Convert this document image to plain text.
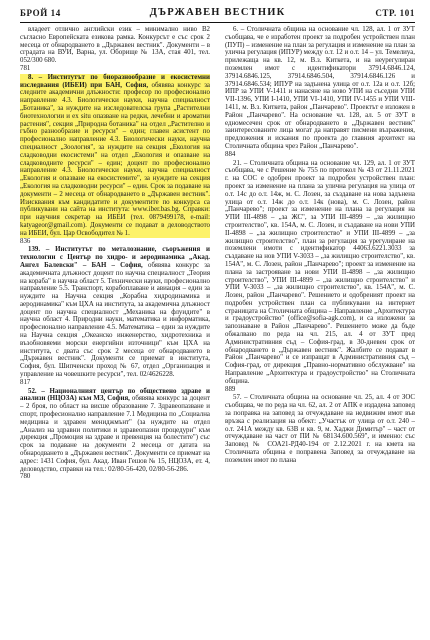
БРОЙ 14	ДЪРЖАВЕН ВЕСТНИК	СТР. 101

владеет отлично английски език – минимално ниво В2 съгласно Европейската езикова рамка. Конкурсът е със срок 2 месеца от обнародването в „Държавен вестник". Документи – в сградата на ВУИ, Варна, ул. Оборище № 13А, стая 401, тел. 052/300 680.

781

8. – Институтът по биоразнообразие и екосистемни изследвания (ИБЕИ) при БАН, София, обявява конкурс за следните академични длъжности: професор по професионално направление 4.3. Биологически науки, научна специалност „Ботаника", за нуждите на изследователска група „Растителни биотехнологии и ex situ опазване на редки, лечебни и ароматни растения", секция „Природна ботаника" на отдел „Растително и гъбно разнообразие и ресурси" – един; главен асистент по професионално направление 4.3. Биологически науки, научна специалност „Зоология", за нуждите на секция „Екология на сладководни екосистеми" на отдел „Екология и опазване на сладководните ресурси" – един; доцент по професионално направление 4.3. Биологически науки, научна специалност „Екология и опазване на екосистемите", за нуждите на секция „Екология на сладководни ресурси" – един. Срок за подаване на документи – 2 месеца от обнародването в „Държавен вестник". Изисквания към кандидатите и документите по конкурса са публикувани на сайта на института: www.iber.bas.bg. Справки: при научния секретар на ИБЕИ (тел. 0879499178, e-mail: katyageor@gmail.com). Документи се подават в деловодството на ИБЕИ, бул. Цар Освободител № 1.

836

139. – Институтът по металознание, съоръжения и технологии с Център по хидро- и аеродинамика „Акад. Ангел Балевски" – БАН – София, обявява конкурс за академичната длъжност доцент по научна специалност „Теория на кораба" в научна област 5. Технически науки, професионално направление 5.5. Транспорт, корабоплаване и авиация – един за нуждите на Научна секция „Корабна хидродинамика и аеродинамика" към ЦХА на института, за академична длъжност доцент по научна специалност „Механика на флуидите" в научна област 4. Природни науки, математика и информатика, професионално направление 4.5. Математика – един за нуждите на Научна секция „Океанско инженерство, хидротехника и възобновяеми морски енергийни източници" към ЦХА на института, с двата със срок 2 месеца от обнародването в „Държавен вестник". Документи се приемат в института, София, бул. Шипченски проход № 67, отдел „Организация и управление на човешките ресурси", тел. 02/4626228.

817

52. – Националният център по обществено здраве и анализи (НЦОЗА) към МЗ, София, обявява конкурс за доцент – 2 броя, по област на висше образование 7. Здравеопазване и спорт, професионално направление 7.1 Медицина по „Социална медицина и здравен мениджмънт" (за нуждите на отдел „Анализ на здравни политики и здравеопазни процедури" към дирекция „Промоция на здраве и превенция на болестите") със срок за подаване на документи 2 месеца от датата на обнародването в „Държавен вестник". Документи се приемат на адрес: 1431 София, бул. Акад. Иван Гешов № 15, НЦОЗА, ет. 4, деловодство, справки на тел.: 02/80-56-420, 02/80-56-286.

780

6. – Столичната община на основание чл. 128, ал. 1 от ЗУТ съобщава, че е изработен проект за подробен устройствен план (ПУП) – изменение на план за регулация и изменение на план за улична регулация (ИПУР) между о.т. 12 и о.т. 14 – ул. Темелиуа, прилежаща на кв. 12, м. В.з. Киткета, и на неурегулиран поземлен имот с идентификатори 37914.6846.124, 37914.6846.125, 37914.6846.504, 37914.6846.126 и 37914.6846.534; ИПУР на задънена улица от о.т. 12а и о.т. 12б; ИПР за УПИ V-1411 и нанасяне на ново УПИ на съседни УПИ VII-1396, УПИ I-1410, УПИ VI-1410, УПИ IV-1455 и УПИ VIII-1411, м. В.з. Киткета, район „Панчарево". Проектът е изложен в Район „Панчарево". На основание чл. 128, ал. 5 от ЗУТ в едномесечен срок от обнародването в „Държавен вестник" заинтересованите лица могат да направят писмени възражения, предложения и искания по проекта до главния архитект на Столичната община чрез Район „Панчарево".

884

21. – Столичната община на основание чл. 129, ал. 1 от ЗУТ съобщава, че с Решение № 755 по протокол № 43 от 21.11.2021 г. на СОС е одобрен проект за подробен устройствен план: проект за изменение на плана за улична регулация на улица от о.т. 14с до о.т. 14ж, м. С. Лозен, за създаване на нова задънена улица от о.т. 14ж до о.т. 14к (нова), м. С. Лозен, район „Панчарево"; проект за изменение на плана за регулация на УПИ III-4898 – „за ЖС", за УПИ III-4899 – „за жилищно строителство", кв. 154А, м. С. Лозен, и създаване на нови УПИ II-4898 – „за жилищно строителство" и УПИ III-4899 – „за жилищно строителство", план за регулация за урегулиране на поземлени имоти с идентификатор 44063.6221.3033 за създаване на нов УПИ V-3033 – „за жилищно строителство", кв. 154А", м. С. Лозен, район „Панчарево"; проект за изменение на плана за застрояване за нови УПИ II-4898 – „за жилищно строителство", УПИ III-4899 – „за жилищно строителство" и УПИ V-3033 – „за жилищно строителство", кв. 154А", м. С. Лозен, район „Панчарево". Решението и одобреният проект на подробен устройствен план са публикувани на интернет страницата на Столичната община – Направление „Архитектура и градоустройство" (office@sofia-agk.com), и са изложени за запознаване в Район „Панчарево". Решението може да бъде обжалвано по реда на чл. 215, ал. 4 от ЗУТ пред Административния съд – София-град, в 30-дневен срок от обнародването в „Държавен вестник". Жалбите се подават в Район „Панчарево" и се изпращат в Административния съд – София-град, от дирекция „Правно-нормативно обслужване" на Направление „Архитектура и градоустройство" на Столичната община.

889

57. – Столичната община на основание чл. 25, ал. 4 от ЗОС съобщава, че по реда на чл. 62, ал. 2 от АПК е издадена заповед за поправка на заповед за отчуждаване на недвижим имот във връзка с реализация на обект: „Участък от улица от о.т. 240 – о.т. 241А между кв. 63В и кв. 9, м. Хаджи Димитър" – част от отчуждаване на част от ПИ № 68134.600.569", и именно: със Заповед № СОА21-РД40-194 от 2.12.2021 г. на кмета на Столичната община е поправена Заповед за отчуждаване на поземлен имот по плана
